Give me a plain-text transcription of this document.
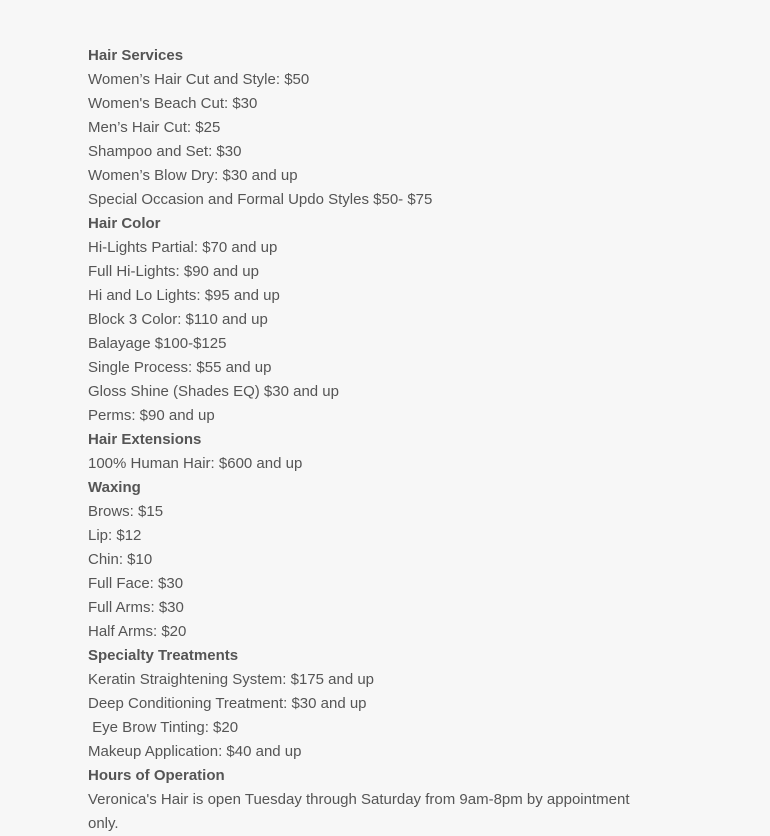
Hair Services

Women’s Hair Cut and Style: $50

Women's Beach Cut: $30

Men’s Hair Cut: $25

Shampoo and Set: $30

Women’s Blow Dry: $30 and up

Special Occasion and Formal Updo Styles $50- $75

Hair Color

Hi-Lights Partial: $70 and up

Full Hi-Lights: $90 and up

Hi and Lo Lights: $95 and up

Block 3 Color: $110 and up

Balayage $100-$125

Single Process: $55 and up

Gloss Shine (Shades EQ) $30 and up

Perms: $90 and up

Hair Extensions

100% Human Hair: $600 and up

Waxing

Brows: $15

Lip: $12

Chin: $10

Full Face: $30

Full Arms: $30

Half Arms: $20

Specialty Treatments

Keratin Straightening System: $175 and up

Deep Conditioning Treatment: $30 and up

Eye Brow Tinting: $20

Makeup Application: $40 and up

Hours of Operation

Veronica's Hair is open Tuesday through Saturday from 9am-8pm by appointment only.
